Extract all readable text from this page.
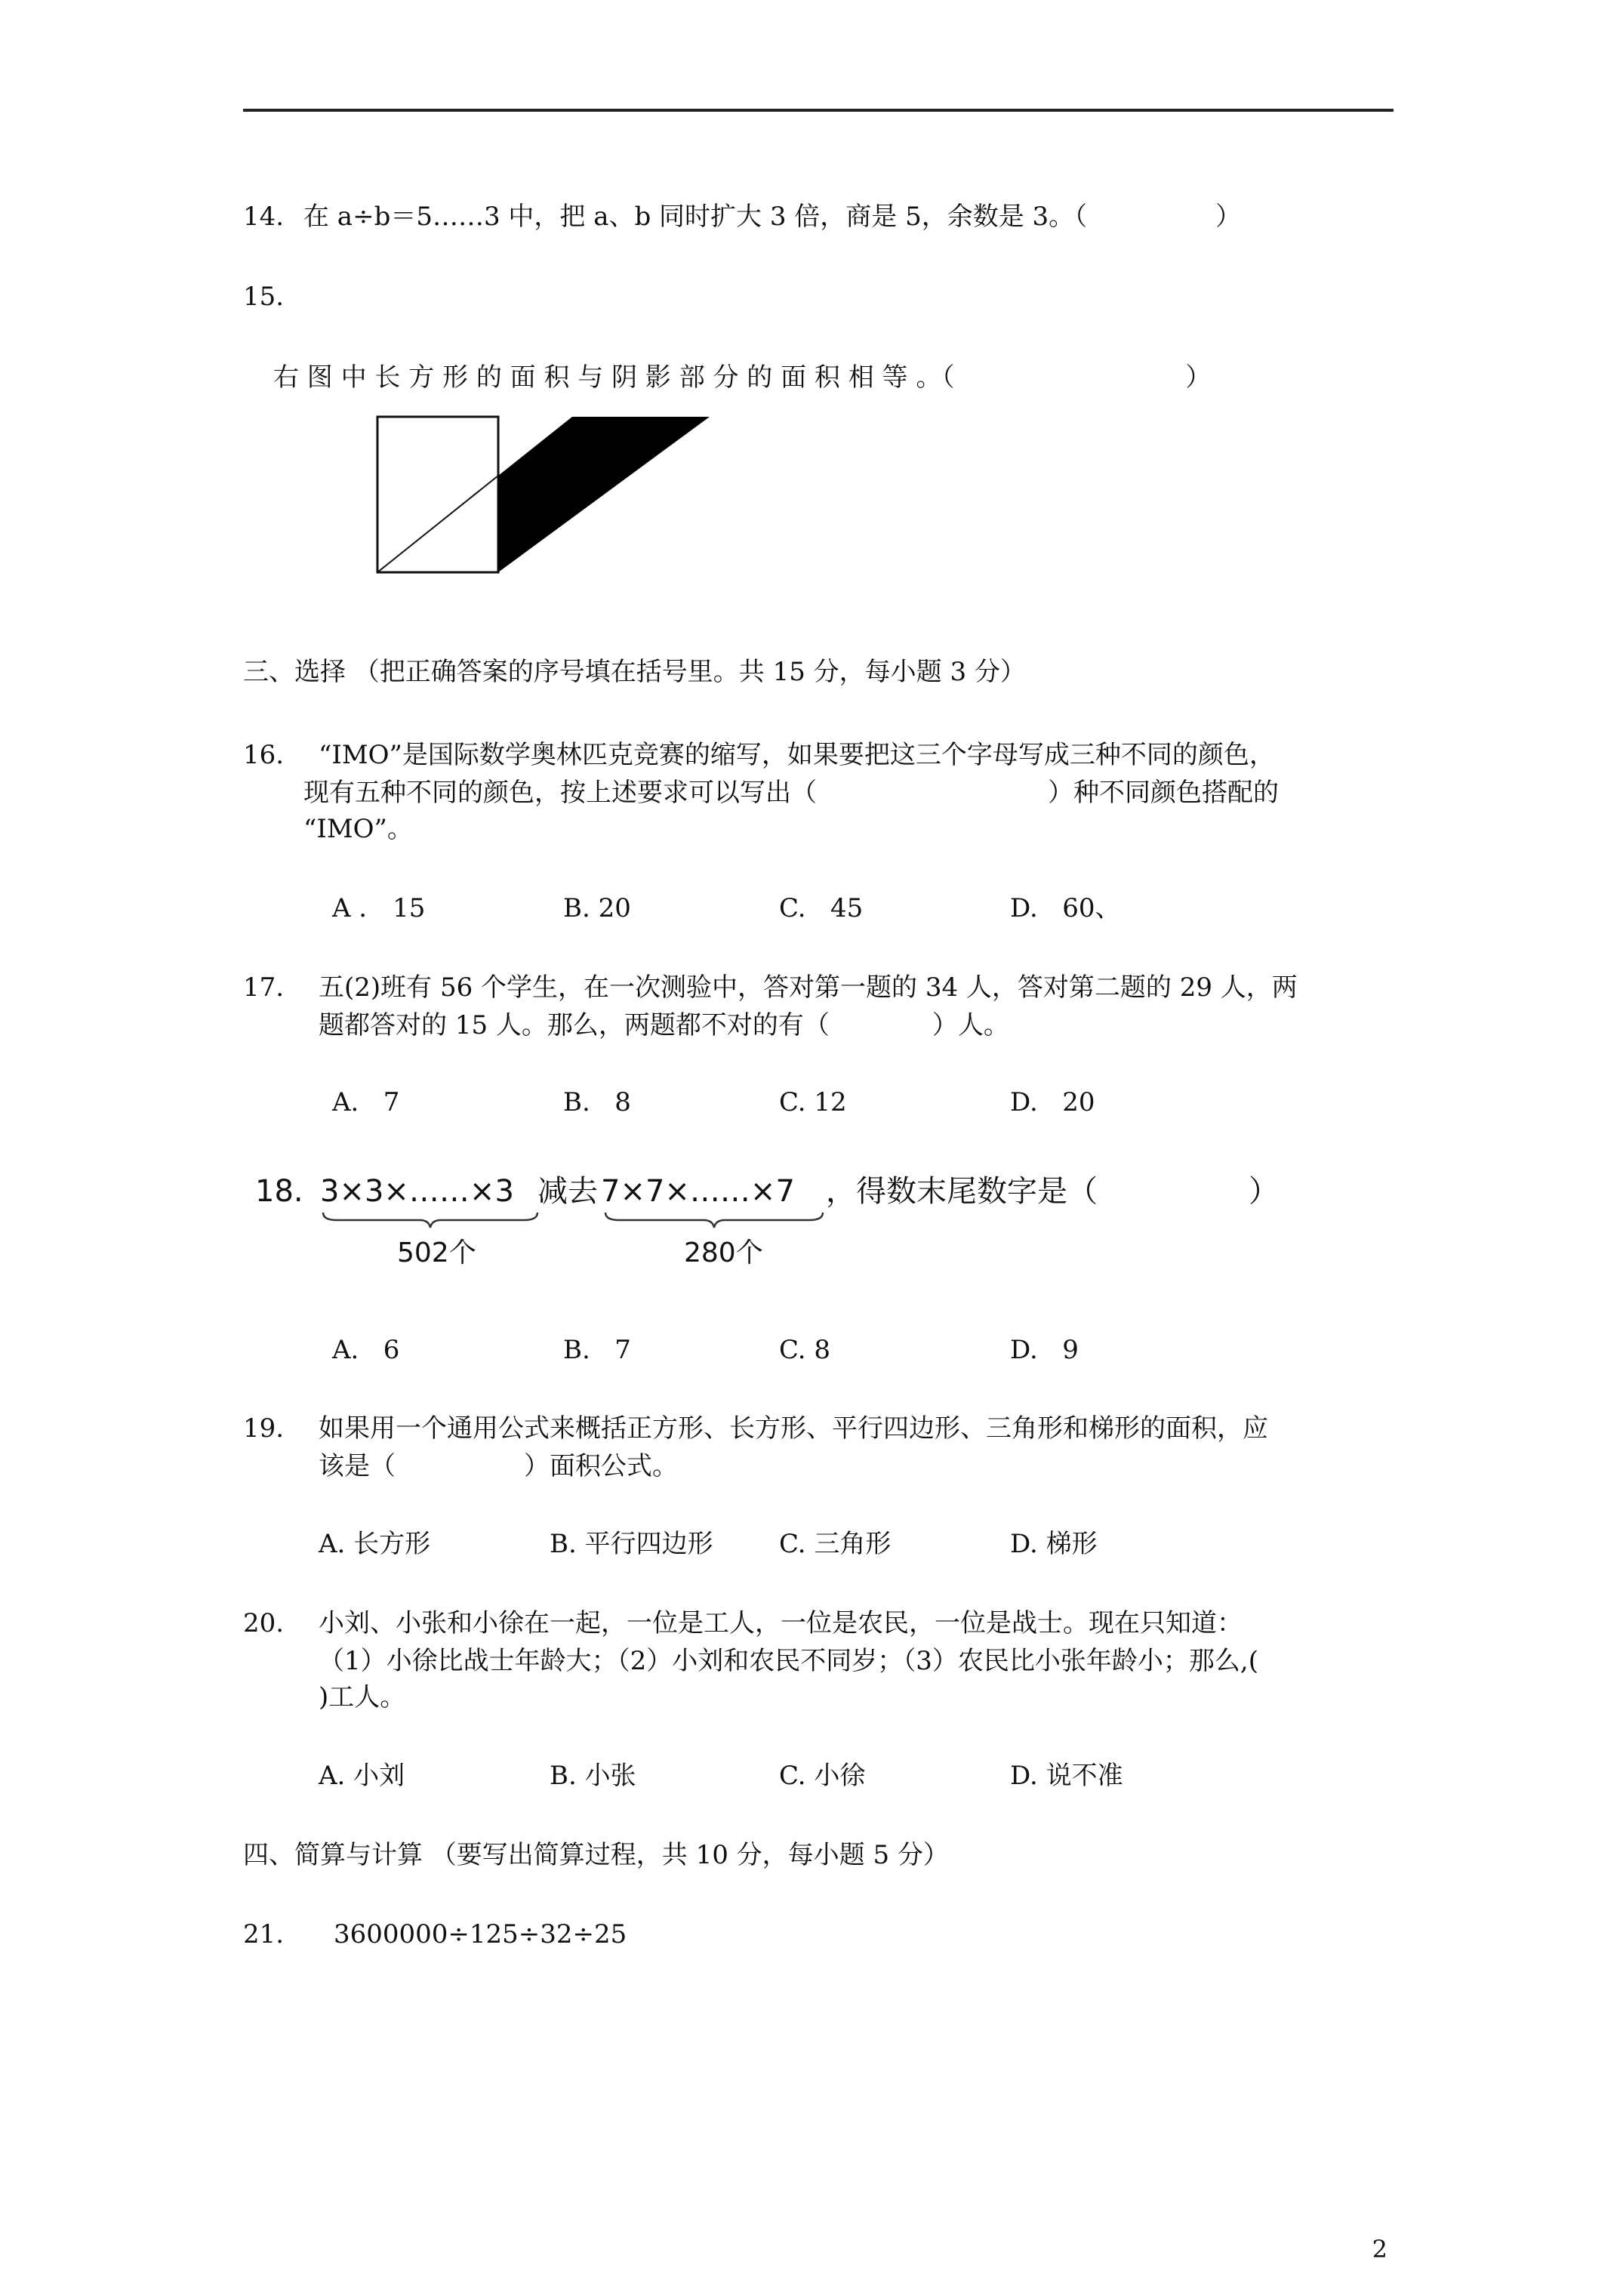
14. 在 a÷b＝5……3 中，把 a、b 同时扩大 3 倍，商是 5，余数是 3。（　　　　　）
15.
右 图 中 长 方 形 的 面 积 与 阴 影 部 分 的 面 积 相 等 。（　　　　　　　　　）
三、选择 （把正确答案的序号填在括号里。共 15 分，每小题 3 分）
16. “IMO”是国际数学奥林匹克竞赛的缩写，如果要把这三个字母写成三种不同的颜色，
现有五种不同的颜色，按上述要求可以写出（　　　　　　　　　）种不同颜色搭配的
“IMO”。
A ． 15	B. 20	C.   45	D.   60、
17. 五(2)班有 56 个学生，在一次测验中，答对第一题的 34 人，答对第二题的 29 人，两
题都答对的 15 人。那么，两题都不对的有（　　　　）人。
A.   7	B.   8	C. 12	D.   20
18. 3×3×……×3 减去 7×7×……×7 ，得数末尾数字是（　　　　　）
502个	280个
A.   6	B.   7	C. 8	D.   9
19. 如果用一个通用公式来概括正方形、长方形、平行四边形、三角形和梯形的面积，应
该是（　　　　　）面积公式。
A. 长方形	B. 平行四边形	C. 三角形	D. 梯形
20. 小刘、小张和小徐在一起，一位是工人，一位是农民，一位是战士。现在只知道：
（1）小徐比战士年龄大；（2）小刘和农民不同岁；（3）农民比小张年龄小；那么,(
)工人。
A. 小刘	B. 小张	C. 小徐	D. 说不准
四、简算与计算 （要写出简算过程，共 10 分，每小题 5 分）
21. 3600000÷125÷32÷25
2
